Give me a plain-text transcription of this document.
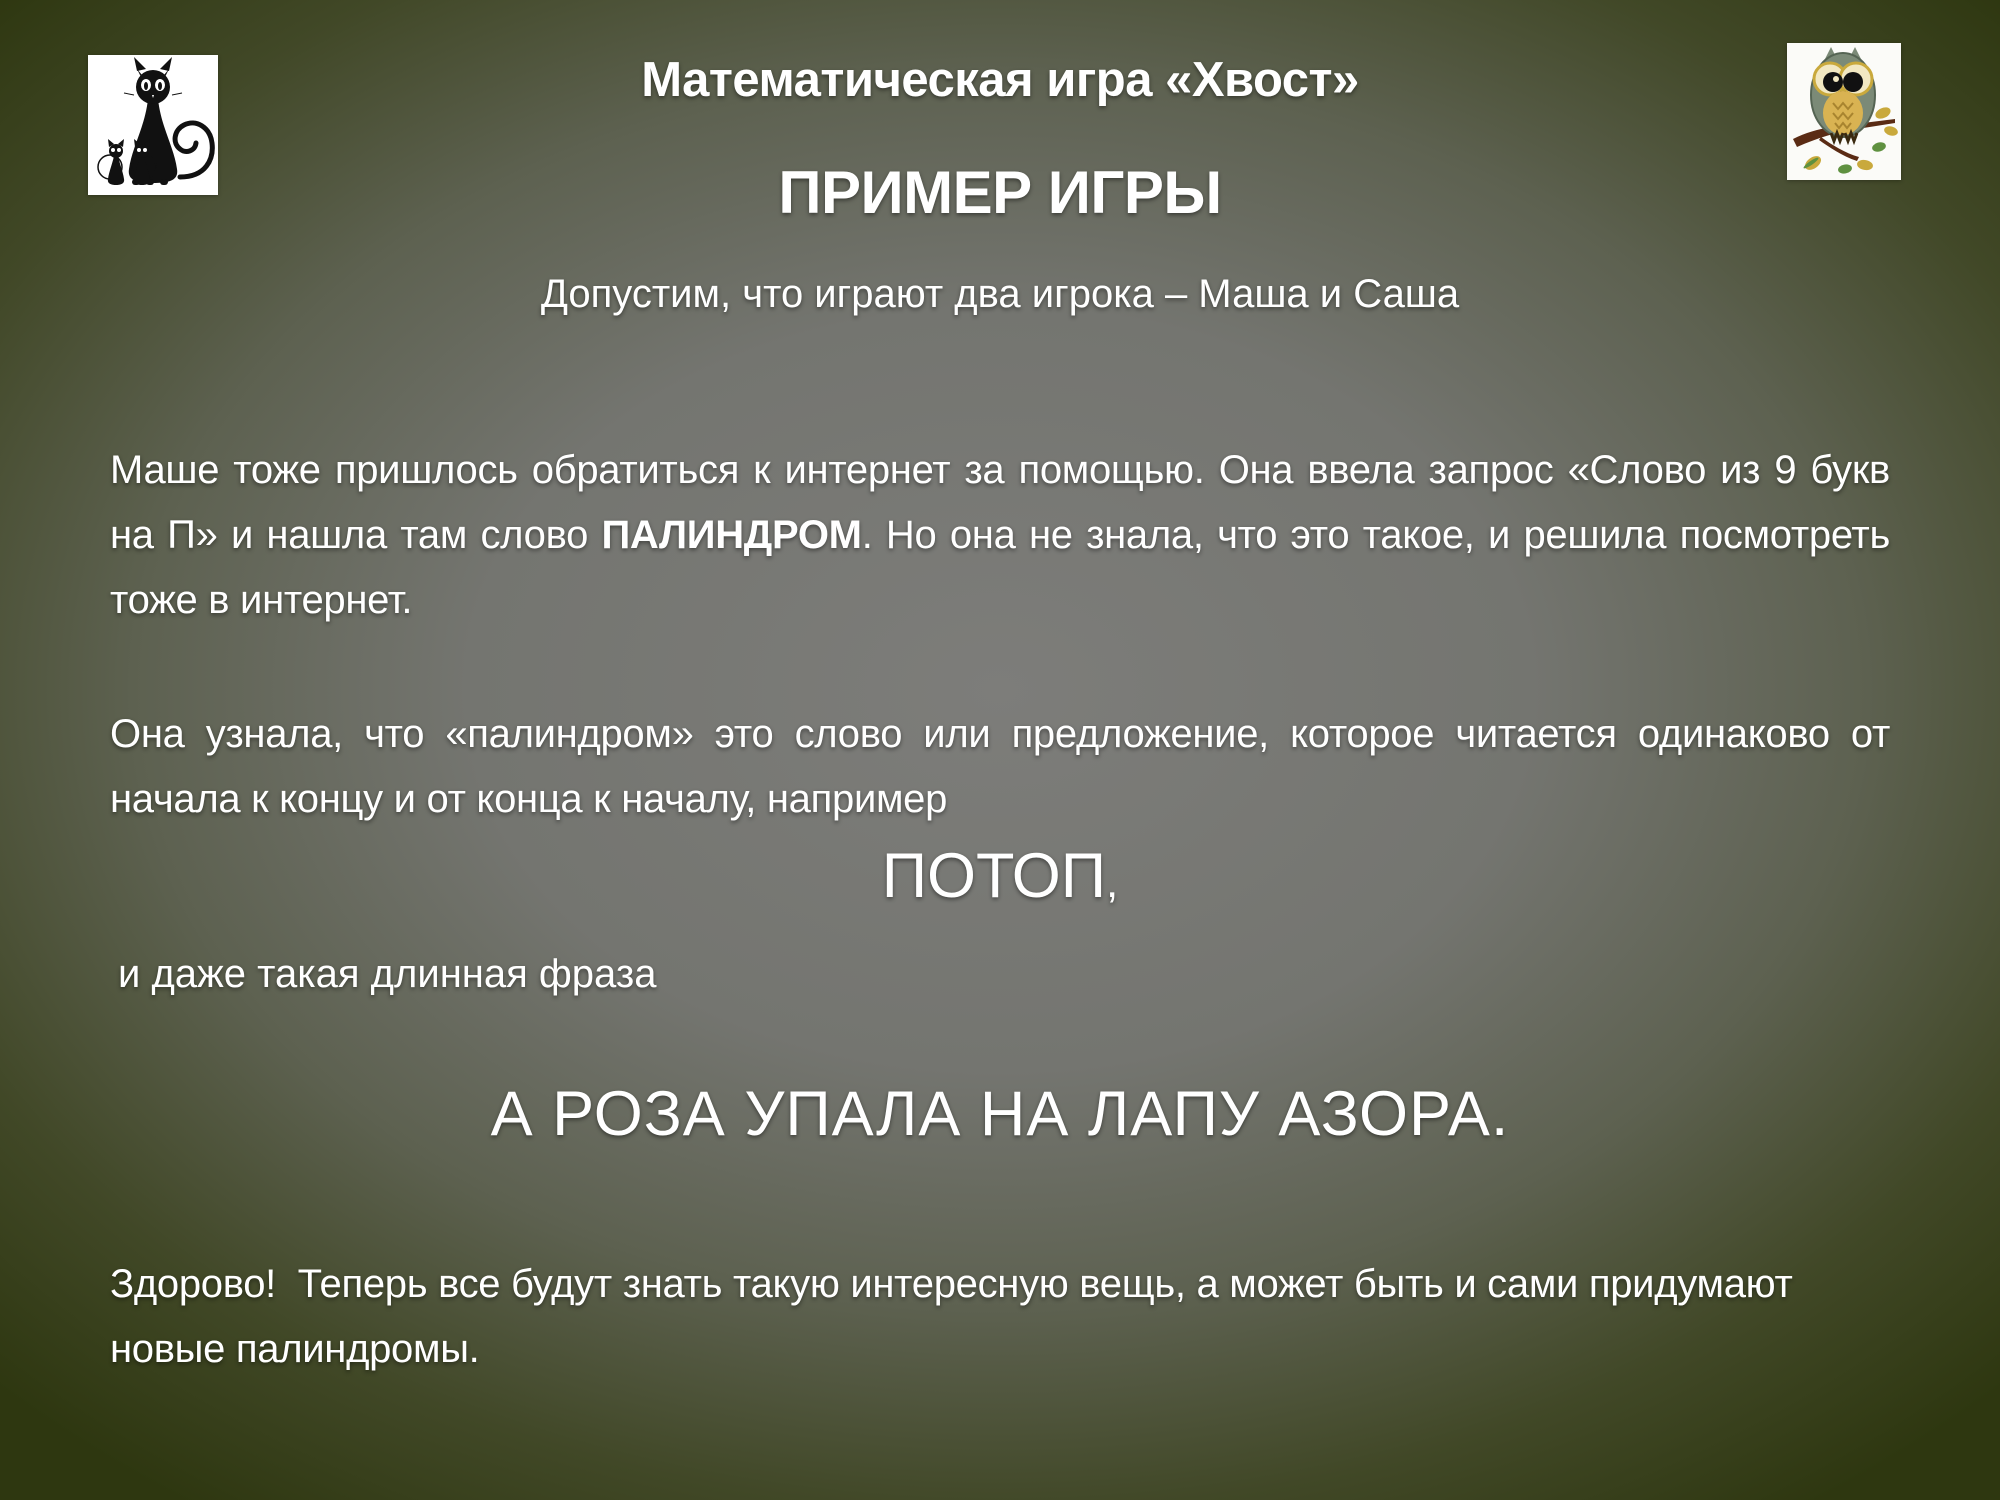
Математическая игра «Хвост»
ПРИМЕР ИГРЫ
Допустим, что играют два игрока – Маша и Саша
Маше тоже пришлось обратиться к интернет за помощью. Она ввела запрос «Слово из 9 букв на П» и нашла там слово ПАЛИНДРОМ. Но она не знала, что это такое, и решила посмотреть тоже в интернет.
Она узнала, что «палиндром» это слово или предложение, которое читается одинаково от начала к концу и от конца к началу, например
ПОТОП,
и даже такая длинная фраза
А РОЗА УПАЛА НА ЛАПУ АЗОРА.
Здорово!  Теперь все будут знать такую интересную вещь, а может быть и сами придумают новые палиндромы.
